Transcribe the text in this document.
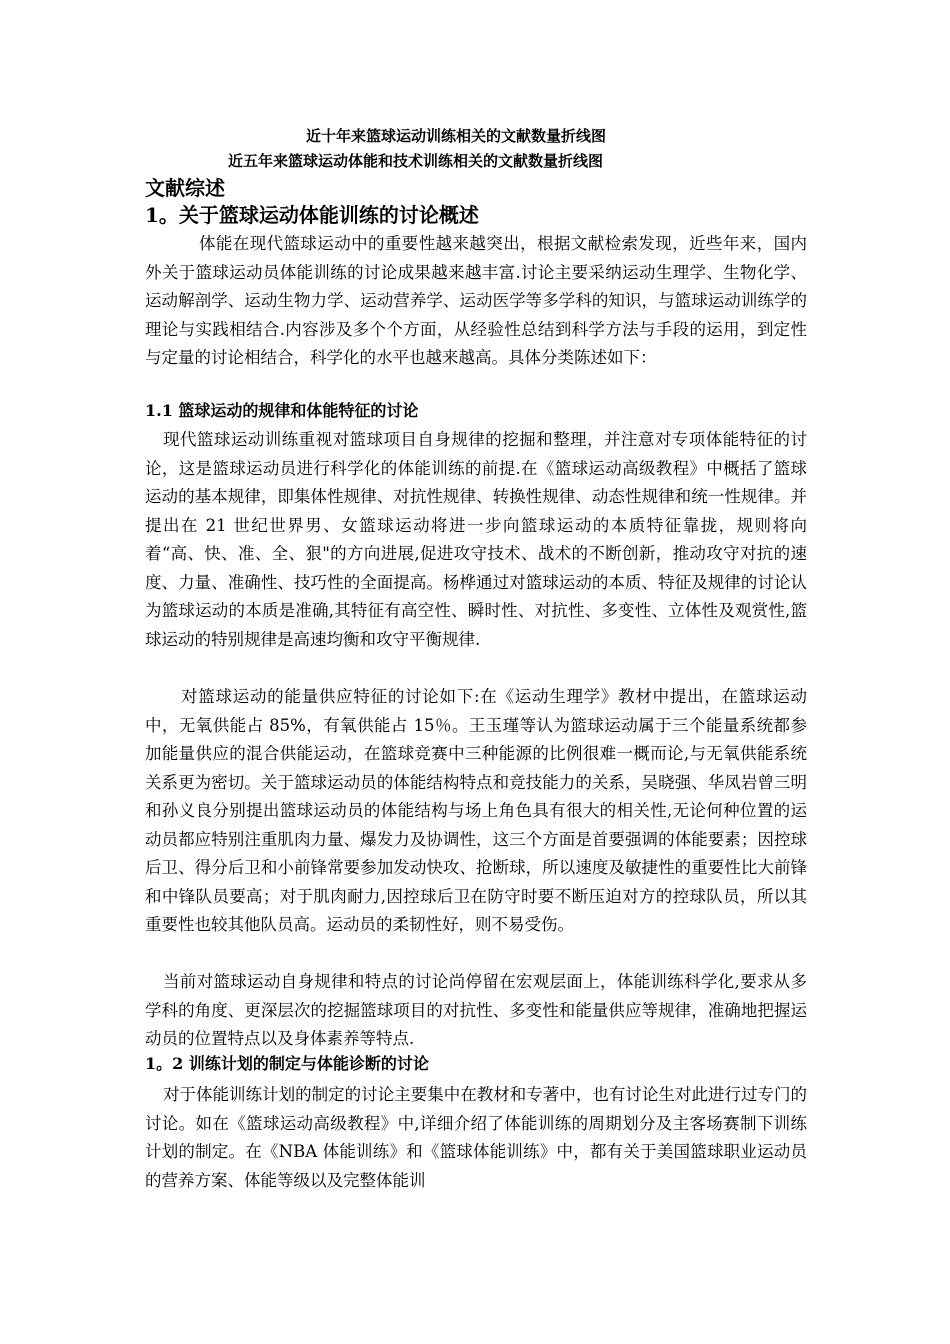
近十年来篮球运动训练相关的文献数量折线图
近五年来篮球运动体能和技术训练相关的文献数量折线图
文献综述
1。关于篮球运动体能训练的讨论概述

体能在现代篮球运动中的重要性越来越突出，根据文献检索发现，近些年来，国内外关于篮球运动员体能训练的讨论成果越来越丰富.讨论主要采纳运动生理学、生物化学、运动解剖学、运动生物力学、运动营养学、运动医学等多学科的知识，与篮球运动训练学的理论与实践相结合.内容涉及多个个方面，从经验性总结到科学方法与手段的运用，到定性与定量的讨论相结合，科学化的水平也越来越高。具体分类陈述如下：

1.1 篮球运动的规律和体能特征的讨论

现代篮球运动训练重视对篮球项目自身规律的挖掘和整理，并注意对专项体能特征的讨论，这是篮球运动员进行科学化的体能训练的前提.在《篮球运动高级教程》中概括了篮球运动的基本规律，即集体性规律、对抗性规律、转换性规律、动态性规律和统一性规律。并提出在 21 世纪世界男、女篮球运动将进一步向篮球运动的本质特征靠拢，规则将向着“高、快、准、全、狠"的方向进展,促进攻守技术、战术的不断创新，推动攻守对抗的速度、力量、准确性、技巧性的全面提高。杨桦通过对篮球运动的本质、特征及规律的讨论认为篮球运动的本质是准确,其特征有高空性、瞬时性、对抗性、多变性、立体性及观赏性,篮球运动的特别规律是高速均衡和攻守平衡规律.

对篮球运动的能量供应特征的讨论如下:在《运动生理学》教材中提出，在篮球运动中，无氧供能占 85%，有氧供能占 15％。王玉瑾等认为篮球运动属于三个能量系统都参加能量供应的混合供能运动，在篮球竞赛中三种能源的比例很难一概而论,与无氧供能系统关系更为密切。关于篮球运动员的体能结构特点和竞技能力的关系，吴晓强、华凤岩曾三明和孙义良分别提出篮球运动员的体能结构与场上角色具有很大的相关性,无论何种位置的运动员都应特别注重肌肉力量、爆发力及协调性，这三个方面是首要强调的体能要素；因控球后卫、得分后卫和小前锋常要参加发动快攻、抢断球，所以速度及敏捷性的重要性比大前锋和中锋队员要高；对于肌肉耐力,因控球后卫在防守时要不断压迫对方的控球队员，所以其重要性也较其他队员高。运动员的柔韧性好，则不易受伤。

当前对篮球运动自身规律和特点的讨论尚停留在宏观层面上，体能训练科学化,要求从多学科的角度、更深层次的挖掘篮球项目的对抗性、多变性和能量供应等规律，准确地把握运动员的位置特点以及身体素养等特点.

1。2 训练计划的制定与体能诊断的讨论

对于体能训练计划的制定的讨论主要集中在教材和专著中，也有讨论生对此进行过专门的讨论。如在《篮球运动高级教程》中,详细介绍了体能训练的周期划分及主客场赛制下训练计划的制定。在《NBA 体能训练》和《篮球体能训练》中，都有关于美国篮球职业运动员的营养方案、体能等级以及完整体能训
